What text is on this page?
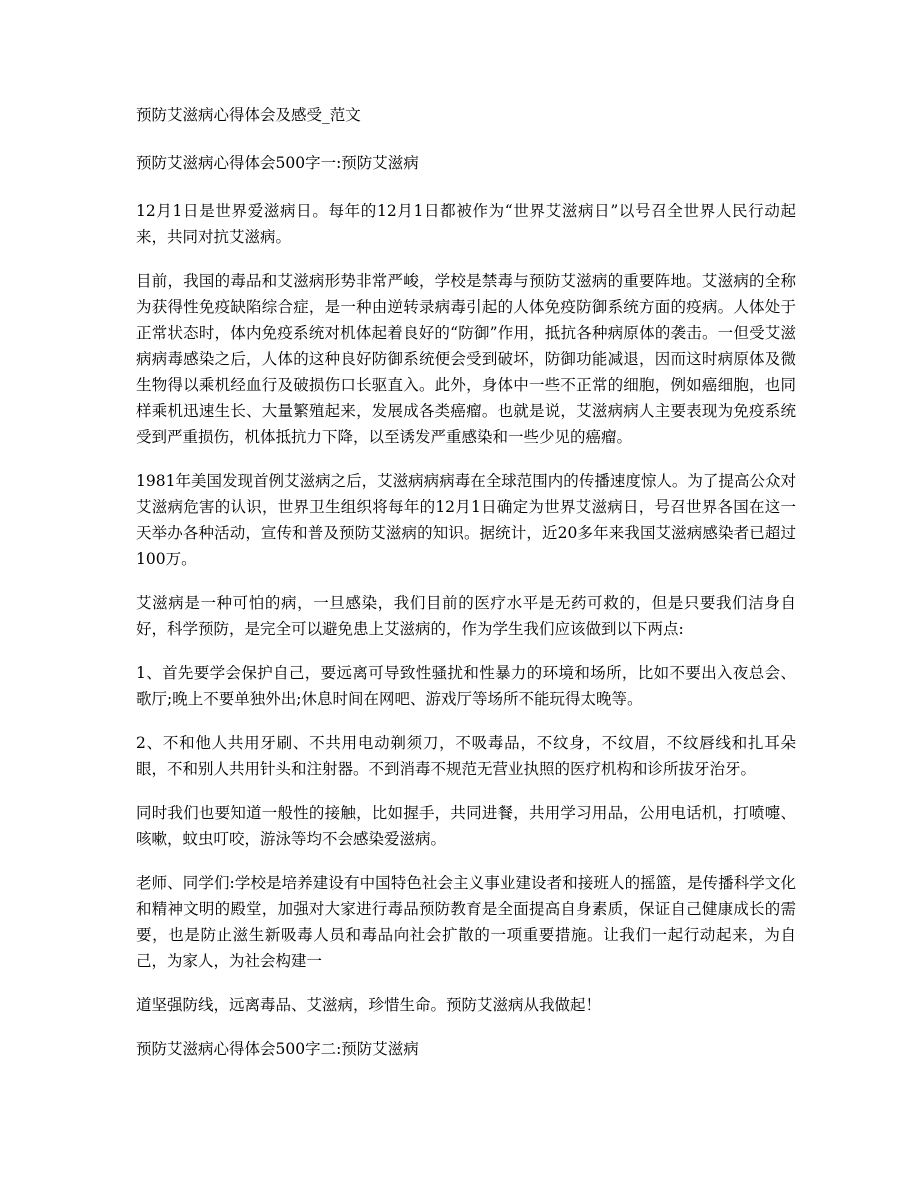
预防艾滋病心得体会及感受_范文

预防艾滋病心得体会500字一:预防艾滋病

12月1日是世界爱滋病日。每年的12月1日都被作为“世界艾滋病日”以号召全世界人民行动起来，共同对抗艾滋病。

目前，我国的毒品和艾滋病形势非常严峻，学校是禁毒与预防艾滋病的重要阵地。艾滋病的全称为获得性免疫缺陷综合症，是一种由逆转录病毒引起的人体免疫防御系统方面的疫病。人体处于正常状态时，体内免疫系统对机体起着良好的“防御”作用，抵抗各种病原体的袭击。一但受艾滋病病毒感染之后，人体的这种良好防御系统便会受到破坏，防御功能减退，因而这时病原体及微生物得以乘机经血行及破损伤口长驱直入。此外，身体中一些不正常的细胞，例如癌细胞，也同样乘机迅速生长、大量繁殖起来，发展成各类癌瘤。也就是说，艾滋病病人主要表现为免疫系统受到严重损伤，机体抵抗力下降，以至诱发严重感染和一些少见的癌瘤。

1981年美国发现首例艾滋病之后，艾滋病病病毒在全球范围内的传播速度惊人。为了提高公众对艾滋病危害的认识，世界卫生组织将每年的12月1日确定为世界艾滋病日，号召世界各国在这一天举办各种活动，宣传和普及预防艾滋病的知识。据统计，近20多年来我国艾滋病感染者已超过100万。

艾滋病是一种可怕的病，一旦感染，我们目前的医疗水平是无药可救的，但是只要我们洁身自好，科学预防，是完全可以避免患上艾滋病的，作为学生我们应该做到以下两点:

1、首先要学会保护自己，要远离可导致性骚扰和性暴力的环境和场所，比如不要出入夜总会、歌厅;晚上不要单独外出;休息时间在网吧、游戏厅等场所不能玩得太晚等。

2、不和他人共用牙刷、不共用电动剃须刀，不吸毒品，不纹身，不纹眉，不纹唇线和扎耳朵眼，不和别人共用针头和注射器。不到消毒不规范无营业执照的医疗机构和诊所拔牙治牙。

同时我们也要知道一般性的接触，比如握手，共同进餐，共用学习用品，公用电话机，打喷嚏、咳嗽，蚊虫叮咬，游泳等均不会感染爱滋病。

老师、同学们:学校是培养建设有中国特色社会主义事业建设者和接班人的摇篮，是传播科学文化和精神文明的殿堂，加强对大家进行毒品预防教育是全面提高自身素质，保证自己健康成长的需要，也是防止滋生新吸毒人员和毒品向社会扩散的一项重要措施。让我们一起行动起来，为自己，为家人，为社会构建一

道坚强防线，远离毒品、艾滋病，珍惜生命。预防艾滋病从我做起！

预防艾滋病心得体会500字二:预防艾滋病
